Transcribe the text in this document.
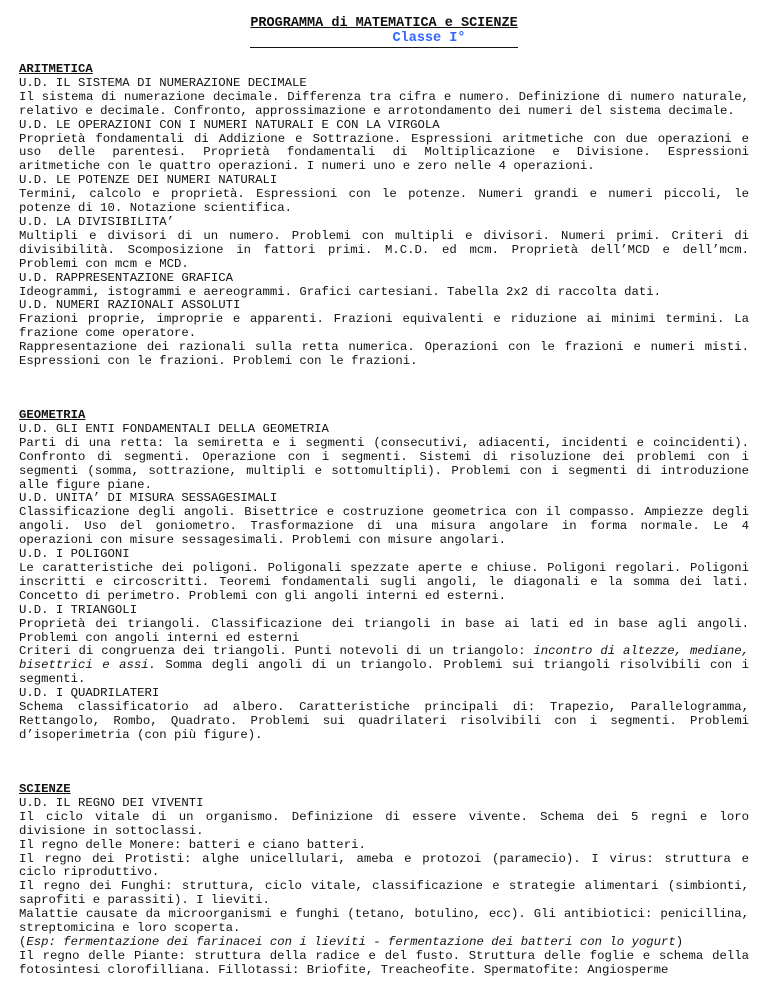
PROGRAMMA di MATEMATICA e SCIENZE
Classe I°
ARITMETICA

U.D. IL SISTEMA DI NUMERAZIONE DECIMALE

Il sistema di numerazione decimale. Differenza tra cifra e numero. Definizione di numero naturale, relativo e decimale. Confronto, approssimazione e arrotondamento dei numeri del sistema decimale.

U.D. LE OPERAZIONI CON I NUMERI NATURALI E CON LA VIRGOLA

Proprietà fondamentali di Addizione e Sottrazione. Espressioni aritmetiche con due operazioni e uso delle parentesi. Proprietà fondamentali di Moltiplicazione e Divisione. Espressioni aritmetiche con le quattro operazioni. I numeri uno e zero nelle 4 operazioni.

U.D. LE POTENZE DEI NUMERI NATURALI

Termini, calcolo e proprietà. Espressioni con le potenze. Numeri grandi e numeri piccoli, le potenze di 10. Notazione scientifica.

U.D. LA DIVISIBILITA’

Multipli e divisori di un numero. Problemi con multipli e divisori. Numeri primi. Criteri di divisibilità. Scomposizione in fattori primi. M.C.D. ed mcm. Proprietà dell’MCD e dell’mcm. Problemi con mcm e MCD.

U.D. RAPPRESENTAZIONE GRAFICA

Ideogrammi, istogrammi e aereogrammi. Grafici cartesiani. Tabella 2x2 di raccolta dati.

U.D. NUMERI RAZIONALI ASSOLUTI

Frazioni proprie, improprie e apparenti. Frazioni equivalenti e riduzione ai minimi termini. La frazione come operatore.

Rappresentazione dei razionali sulla retta numerica. Operazioni con le frazioni e numeri misti. Espressioni con le frazioni. Problemi con le frazioni.

GEOMETRIA

U.D. GLI ENTI FONDAMENTALI DELLA GEOMETRIA

Parti di una retta: la semiretta e i segmenti (consecutivi, adiacenti, incidenti e coincidenti). Confronto di segmenti. Operazione con i segmenti. Sistemi di risoluzione dei problemi con i segmenti (somma, sottrazione, multipli e sottomultipli). Problemi con i segmenti di introduzione alle figure piane.

U.D. UNITA’ DI MISURA SESSAGESIMALI

Classificazione degli angoli. Bisettrice e costruzione geometrica con il compasso. Ampiezze degli angoli. Uso del goniometro. Trasformazione di una misura angolare in forma normale. Le 4 operazioni con misure sessagesimali. Problemi con misure angolari.

U.D. I POLIGONI

Le caratteristiche dei poligoni. Poligonali spezzate aperte e chiuse. Poligoni regolari. Poligoni inscritti e circoscritti. Teoremi fondamentali sugli angoli, le diagonali e la somma dei lati. Concetto di perimetro. Problemi con gli angoli interni ed esterni.

U.D. I TRIANGOLI

Proprietà dei triangoli. Classificazione dei triangoli in base ai lati ed in base agli angoli. Problemi con angoli interni ed esterni

Criteri di congruenza dei triangoli. Punti notevoli di un triangolo: incontro di altezze, mediane, bisettrici e assi. Somma degli angoli di un triangolo. Problemi sui triangoli risolvibili con i segmenti.

U.D. I QUADRILATERI

Schema classificatorio ad albero. Caratteristiche principali di: Trapezio, Parallelogramma, Rettangolo, Rombo, Quadrato. Problemi sui quadrilateri risolvibili con i segmenti. Problemi d’isoperimetria (con più figure).

SCIENZE

U.D. IL REGNO DEI VIVENTI

Il ciclo vitale di un organismo. Definizione di essere vivente. Schema dei 5 regni e loro divisione in sottoclassi.

Il regno delle Monere: batteri e ciano batteri.

Il regno dei Protisti: alghe unicellulari, ameba e protozoi (paramecio). I virus: struttura e ciclo riproduttivo.

Il regno dei Funghi: struttura, ciclo vitale, classificazione e strategie alimentari (simbionti, saprofiti e parassiti). I lieviti.

Malattie causate da microorganismi e funghi (tetano, botulino, ecc). Gli antibiotici: penicillina, streptomicina e loro scoperta.

(Esp: fermentazione dei farinacei con i lieviti - fermentazione dei batteri con lo yogurt)

Il regno delle Piante: struttura della radice e del fusto. Struttura delle foglie e schema della fotosintesi clorofilliana. Fillotassi: Briofite, Treacheofite. Spermatofite: Angiosperme
